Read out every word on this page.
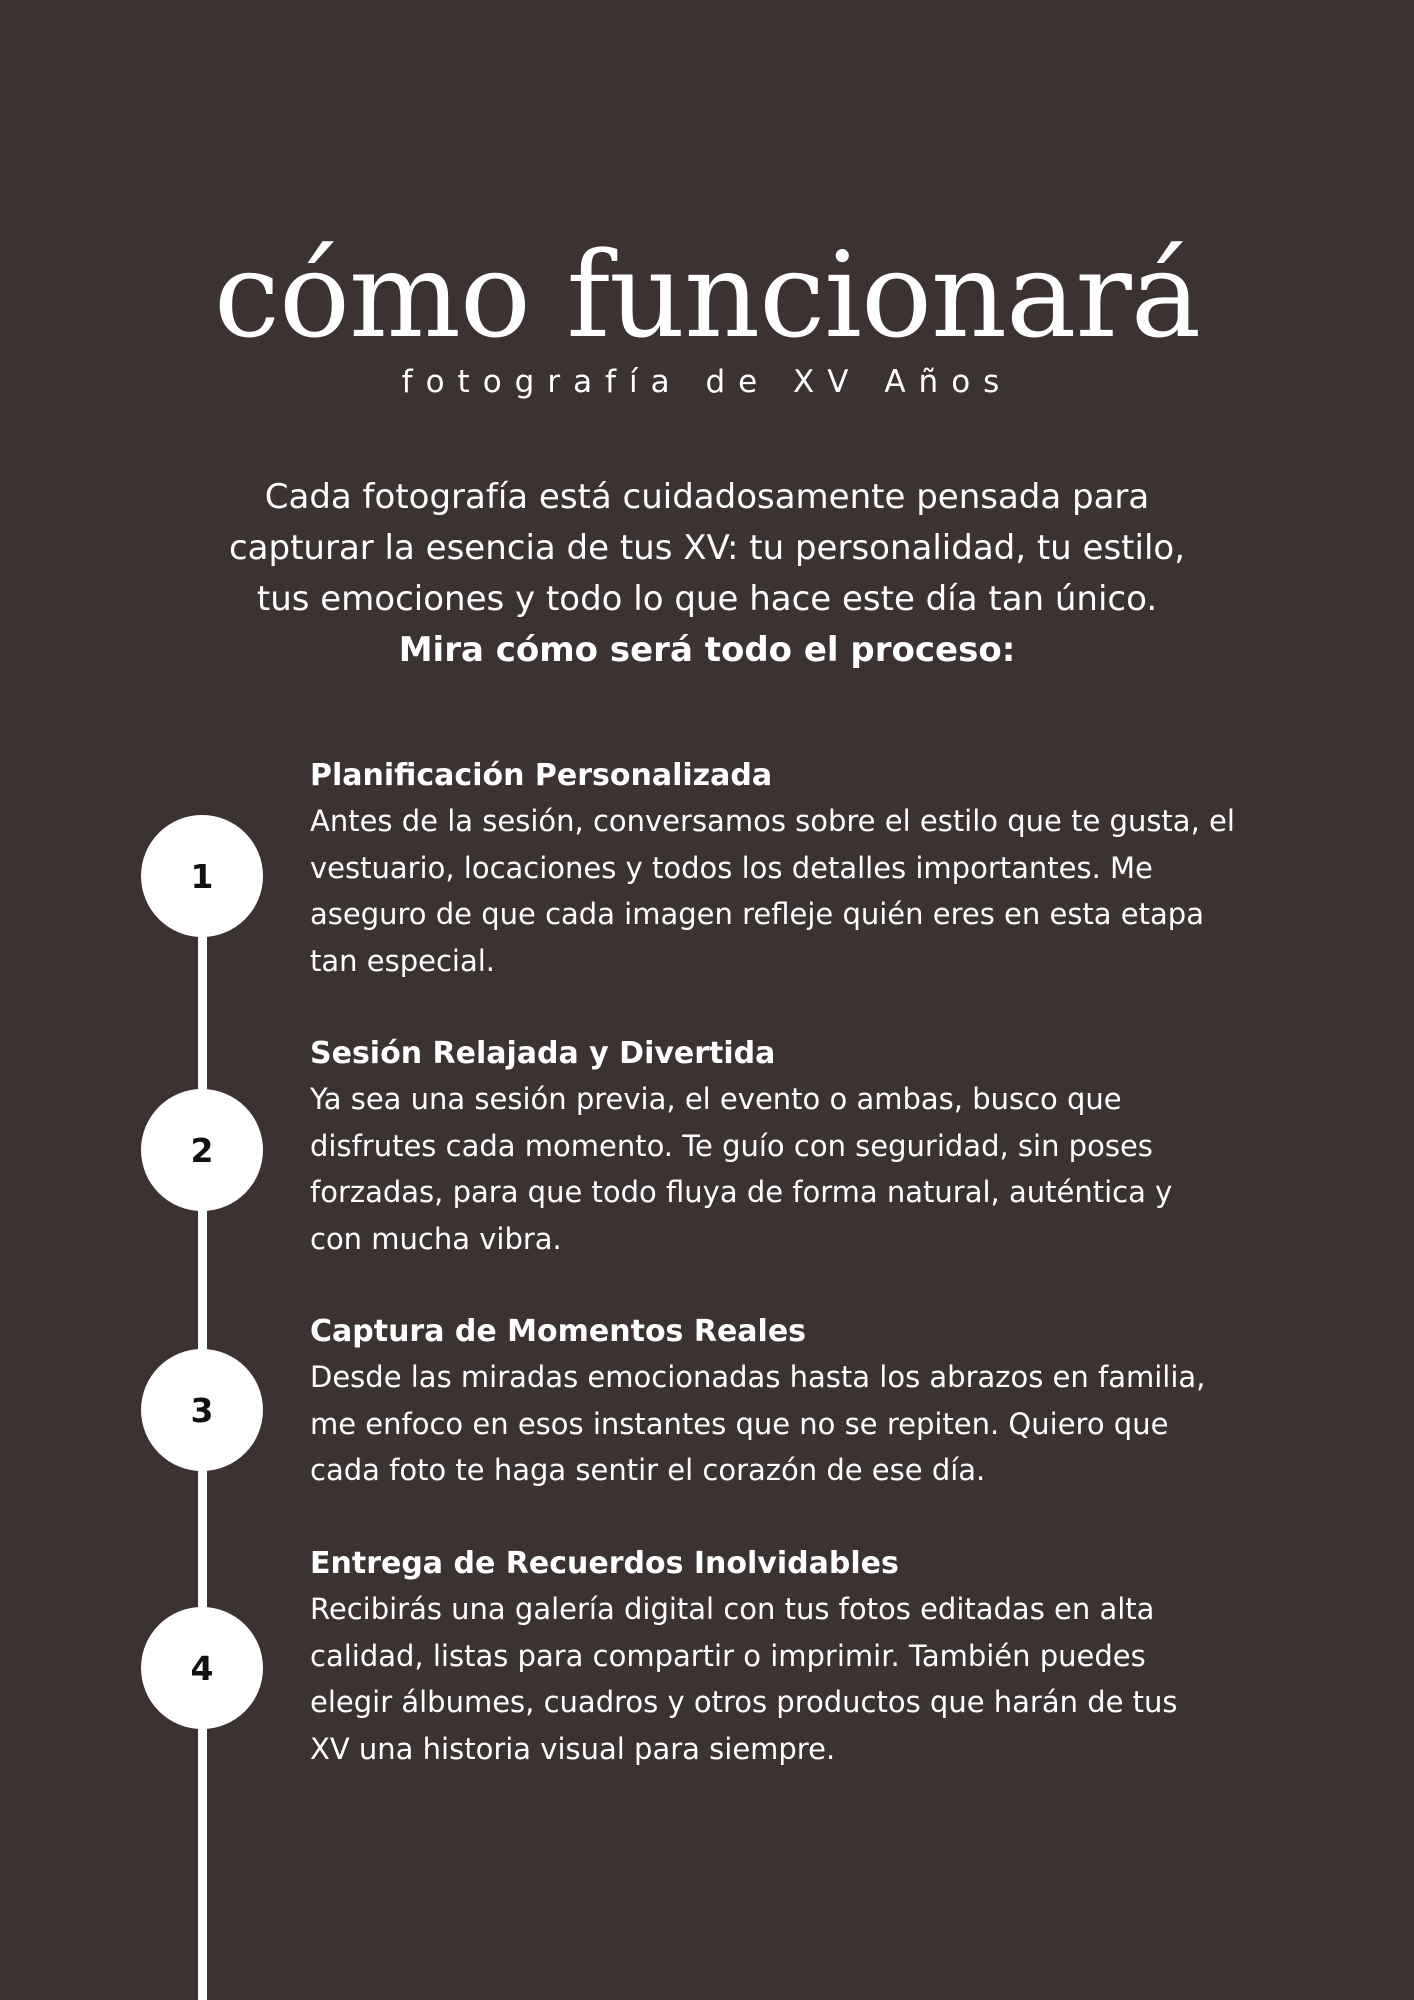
cómo funcionará

fotografía de XV Años

Cada fotografía está cuidadosamente pensada para
capturar la esencia de tus XV: tu personalidad, tu estilo,
tus emociones y todo lo que hace este día tan único.
Mira cómo será todo el proceso:
1

Planificación Personalizada

Antes de la sesión, conversamos sobre el estilo que te gusta, el
vestuario, locaciones y todos los detalles importantes. Me
aseguro de que cada imagen refleje quién eres en esta etapa
tan especial.
2

Sesión Relajada y Divertida

Ya sea una sesión previa, el evento o ambas, busco que
disfrutes cada momento. Te guío con seguridad, sin poses
forzadas, para que todo fluya de forma natural, auténtica y
con mucha vibra.
3

Captura de Momentos Reales

Desde las miradas emocionadas hasta los abrazos en familia,
me enfoco en esos instantes que no se repiten. Quiero que
cada foto te haga sentir el corazón de ese día.
4

Entrega de Recuerdos Inolvidables

Recibirás una galería digital con tus fotos editadas en alta
calidad, listas para compartir o imprimir. También puedes
elegir álbumes, cuadros y otros productos que harán de tus
XV una historia visual para siempre.
